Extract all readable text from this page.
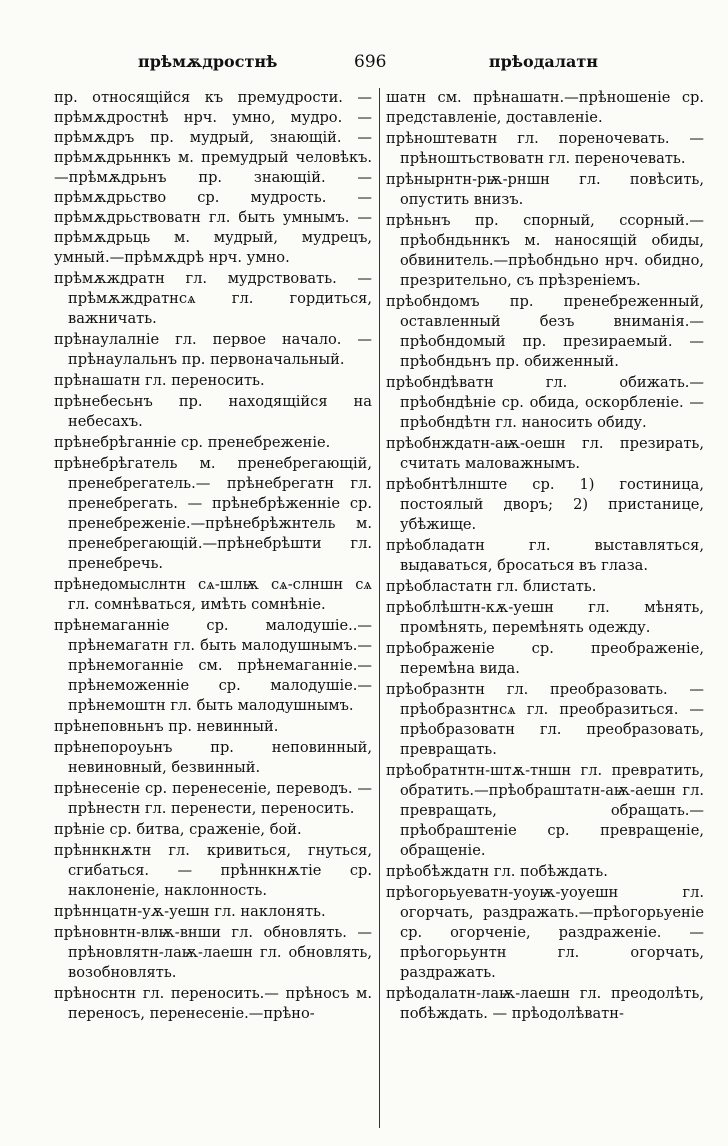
прѣмѫдростнѣ	696	прѣодалатн

пр. относящійся къ премудрости. —прѣмѫдростнѣ нрч. умно, мудро. — прѣмѫдръ пр. мудрый, знающій. — прѣмѫдрьннкъ м. премудрый человѣкъ.—прѣмѫдрьнъ пр. знающій. — прѣмѫдрьство ср. мудрость. — прѣмѫдрьствоватн гл. быть умнымъ. —прѣмѫдрьць м. мудрый, мудрецъ, умный.—прѣмѫдрѣ нрч. умно.

прѣмѫждратн гл. мудрствовать. — прѣмѫждратнсѧ гл. гордиться, важничать.

прѣнаулалніе гл. первое начало. — прѣнаулальнъ пр. первоначальный.

прѣнашатн гл. переносить.

прѣнебесьнъ пр. находящійся на небесахъ.

прѣнебрѣганніе ср. пренебреженіе.

прѣнебрѣгатель м. пренебрегающій, пренебрегатель.— прѣнебрегатн гл. пренебрегать. — прѣнебрѣженніе ср. пренебреженіе.—прѣнебрѣжнтель м. пренебрегающій.—прѣнебрѣшти гл. пренебречь.

прѣнедомыслнтн сѧ-шлѭ сѧ-слншн сѧ гл. сомнѣваться, имѣть сомнѣніе.

прѣнемаганніе ср. малодушіе..—прѣнемагатн гл. быть малодушнымъ.— прѣнемоганніе см. прѣнемаганніе.— прѣнеможенніе ср. малодушіе.—прѣнемоштн гл. быть малодушнымъ.

прѣнеповньнъ пр. невинный.

прѣнепороуьнъ пр. неповинный, невиновный, безвинный.

прѣнесеніе ср. перенесеніе, переводъ. —прѣнестн гл. перенести, переносить.

прѣніе ср. битва, сраженіе, бой.

прѣннкнѫтн гл. кривиться, гнуться, сгибаться. — прѣннкнѫтіе ср. наклоненіе, наклонность.

прѣннцатн-уѫ-уешн гл. наклонять.

прѣновнтн-влѭ-внши гл. обновлять. —прѣновлятн-лаѭ-лаешн гл. обновлять, возобновлять.

прѣноснтн гл. переносить.— прѣносъ м. переносъ, перенесеніе.—прѣно-

шатн см. прѣнашатн.—прѣношеніе ср. представленіе, доставленіе.

прѣноштеватн гл. пореночевать. — прѣноштьствоватн гл. переночевать.

прѣнырнтн-рѭ-рншн гл. повѣсить, опустить внизъ.

прѣньнъ пр. спорный, ссорный.—прѣобндьннкъ м. наносящій обиды, обвинитель.—прѣобндьно нрч. обидно, презрительно, съ прѣзреніемъ.

прѣобндомъ пр. пренебреженный, оставленный безъ вниманія.—прѣобндомый пр. презираемый. — прѣобндьнъ пр. обиженный.

прѣобндѣватн гл. обижать.—прѣобндѣніе ср. обида, оскорбленіе. — прѣобндѣтн гл. наносить обиду.

прѣобнждатн-аѭ-оешн гл. презирать, считать маловажнымъ.

прѣобнтѣлнште ср. 1) гостиница, постоялый дворъ; 2) пристанице, убѣжище.

прѣобладатн гл. выставляться, выдаваться, бросаться въ глаза.

прѣобластатн гл. блистать.

прѣоблѣштн-кѫ-уешн гл. мѣнять, промѣнять, перемѣнять одежду.

прѣображеніе ср. преображеніе, перемѣна вида.

прѣобразнтн гл. преобразовать. — прѣобразнтнсѧ гл. преобразиться. —прѣобразоватн гл. преобразовать, превращать.

прѣобратнтн-штѫ-тншн гл. превратить, обратить.—прѣобраштатн-аѭ-аешн гл. превращать, обращать.— прѣобраштеніе ср. превращеніе, обращеніе.

прѣобѣждатн гл. побѣждать.

прѣогорьуеватн-уоуѭ-уоуешн гл. огорчать, раздражать.—прѣогорьуеніе ср. огорченіе, раздраженіе. — прѣогорьунтн гл. огорчать, раздражать.

прѣодалатн-лаѭ-лаешн гл. преодолѣть, побѣждать. — прѣодолѣватн-
